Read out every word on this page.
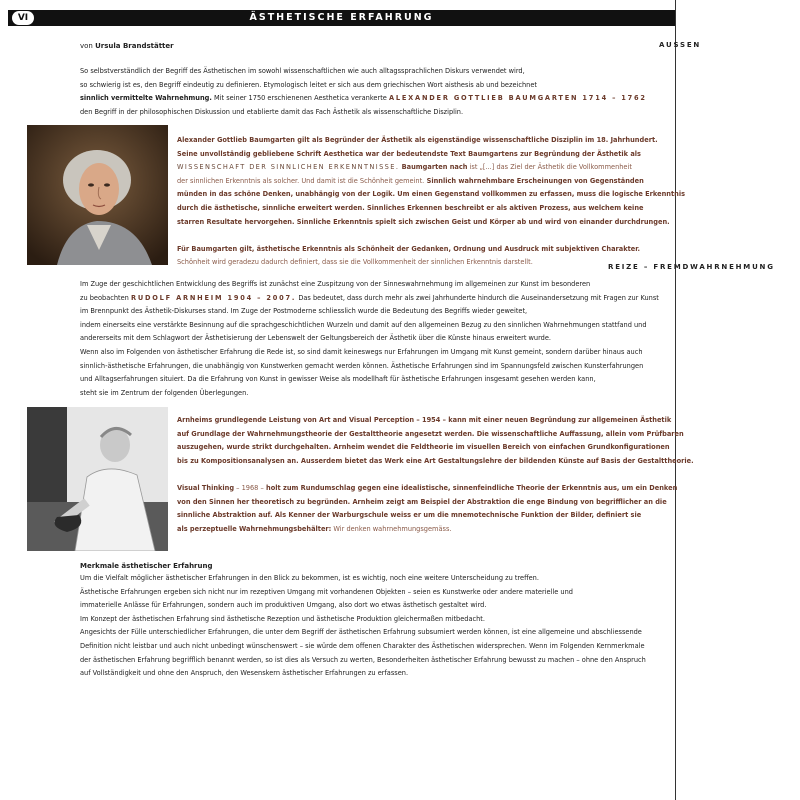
VI	ÄSTHETISCHE ERFAHRUNG
AUSSEN
REIZE – FREMDWAHRNEHMUNG
von Ursula Brandstätter
So selbstverständlich der Begriff des Ästhetischen im sowohl wissenschaftlichen wie auch alltagssprachlichen Diskurs verwendet wird,
so schwierig ist es, den Begriff eindeutig zu definieren. Etymologisch leitet er sich aus dem griechischen Wort aisthesis ab und bezeichnet
sinnlich vermittelte Wahrnehmung. Mit seiner 1750 erschienenen Aesthetica verankerte ALEXANDER GOTTLIEB BAUMGARTEN 1714 – 1762
den Begriff in der philosophischen Diskussion und etablierte damit das Fach Ästhetik als wissenschaftliche Disziplin.
Alexander Gottlieb Baumgarten gilt als Begründer der Ästhetik als eigenständige wissenschaftliche Disziplin im 18. Jahrhundert.
Seine unvollständig gebliebene Schrift Aesthetica war der bedeutendste Text Baumgartens zur Begründung der Ästhetik als
WISSENSCHAFT DER SINNLICHEN ERKENNTNISSE. Baumgarten nach ist „[...] das Ziel der Ästhetik die Vollkommenheit
der sinnlichen Erkenntnis als solcher. Und damit ist die Schönheit gemeint. Sinnlich wahrnehmbare Erscheinungen von Gegenständen
münden in das schöne Denken, unabhängig von der Logik. Um einen Gegenstand vollkommen zu erfassen, muss die logische Erkenntnis
durch die ästhetische, sinnliche erweitert werden. Sinnliches Erkennen beschreibt er als aktiven Prozess, aus welchem keine
starren Resultate hervorgehen. Sinnliche Erkenntnis spielt sich zwischen Geist und Körper ab und wird von einander durchdrungen.
Für Baumgarten gilt, ästhetische Erkenntnis als Schönheit der Gedanken, Ordnung und Ausdruck mit subjektiven Charakter.
Schönheit wird geradezu dadurch definiert, dass sie die Vollkommenheit der sinnlichen Erkenntnis darstellt.
Im Zuge der geschichtlichen Entwicklung des Begriffs ist zunächst eine Zuspitzung von der Sinneswahrnehmung im allgemeinen zur Kunst im besonderen
zu beobachten RUDOLF ARNHEIM 1904 – 2007. Das bedeutet, dass durch mehr als zwei Jahrhunderte hindurch die Auseinandersetzung mit Fragen zur Kunst
im Brennpunkt des Ästhetik-Diskurses stand. Im Zuge der Postmoderne schliesslich wurde die Bedeutung des Begriffs wieder geweitet,
indem einerseits eine verstärkte Besinnung auf die sprachgeschichtlichen Wurzeln und damit auf den allgemeinen Bezug zu den sinnlichen Wahrnehmungen stattfand und
andererseits mit dem Schlagwort der Ästhetisierung der Lebenswelt der Geltungsbereich der Ästhetik über die Künste hinaus erweitert wurde.
Wenn also im Folgenden von ästhetischer Erfahrung die Rede ist, so sind damit keineswegs nur Erfahrungen im Umgang mit Kunst gemeint, sondern darüber hinaus auch
sinnlich-ästhetische Erfahrungen, die unabhängig von Kunstwerken gemacht werden können. Ästhetische Erfahrungen sind im Spannungsfeld zwischen Kunsterfahrungen
und Alltagserfahrungen situiert. Da die Erfahrung von Kunst in gewisser Weise als modellhaft für ästhetische Erfahrungen insgesamt gesehen werden kann,
steht sie im Zentrum der folgenden Überlegungen.
Arnheims grundlegende Leistung von Art and Visual Perception – 1954 – kann mit einer neuen Begründung zur allgemeinen Ästhetik
auf Grundlage der Wahrnehmungstheorie der Gestalttheorie angesetzt werden. Die wissenschaftliche Auffassung, allein vom Prüfbaren
auszugehen, wurde strikt durchgehalten. Arnheim wendet die Feldtheorie im visuellen Bereich von einfachen Grundkonfigurationen
bis zu Kompositionsanalysen an. Ausserdem bietet das Werk eine Art Gestaltungslehre der bildenden Künste auf Basis der Gestalttheorie.
Visual Thinking – 1968 – holt zum Rundumschlag gegen eine idealistische, sinnenfeindliche Theorie der Erkenntnis aus, um ein Denken
von den Sinnen her theoretisch zu begründen. Arnheim zeigt am Beispiel der Abstraktion die enge Bindung von begrifflicher an die
sinnliche Abstraktion auf. Als Kenner der Warburgschule weiss er um die mnemotechnische Funktion der Bilder, definiert sie
als perzeptuelle Wahrnehmungsbehälter: Wir denken wahrnehmungsgemäss.
Merkmale ästhetischer Erfahrung
Um die Vielfalt möglicher ästhetischer Erfahrungen in den Blick zu bekommen, ist es wichtig, noch eine weitere Unterscheidung zu treffen.
Ästhetische Erfahrungen ergeben sich nicht nur im rezeptiven Umgang mit vorhandenen Objekten – seien es Kunstwerke oder andere materielle und
immaterielle Anlässe für Erfahrungen, sondern auch im produktiven Umgang, also dort wo etwas ästhetisch gestaltet wird.
Im Konzept der ästhetischen Erfahrung sind ästhetische Rezeption und ästhetische Produktion gleichermaßen mitbedacht.
Angesichts der Fülle unterschiedlicher Erfahrungen, die unter dem Begriff der ästhetischen Erfahrung subsumiert werden können, ist eine allgemeine und abschliessende
Definition nicht leistbar und auch nicht unbedingt wünschenswert – sie würde dem offenen Charakter des Ästhetischen widersprechen. Wenn im Folgenden Kernmerkmale
der ästhetischen Erfahrung begrifflich benannt werden, so ist dies als Versuch zu werten, Besonderheiten ästhetischer Erfahrung bewusst zu machen – ohne den Anspruch
auf Vollständigkeit und ohne den Anspruch, den Wesenskern ästhetischer Erfahrungen zu erfassen.
